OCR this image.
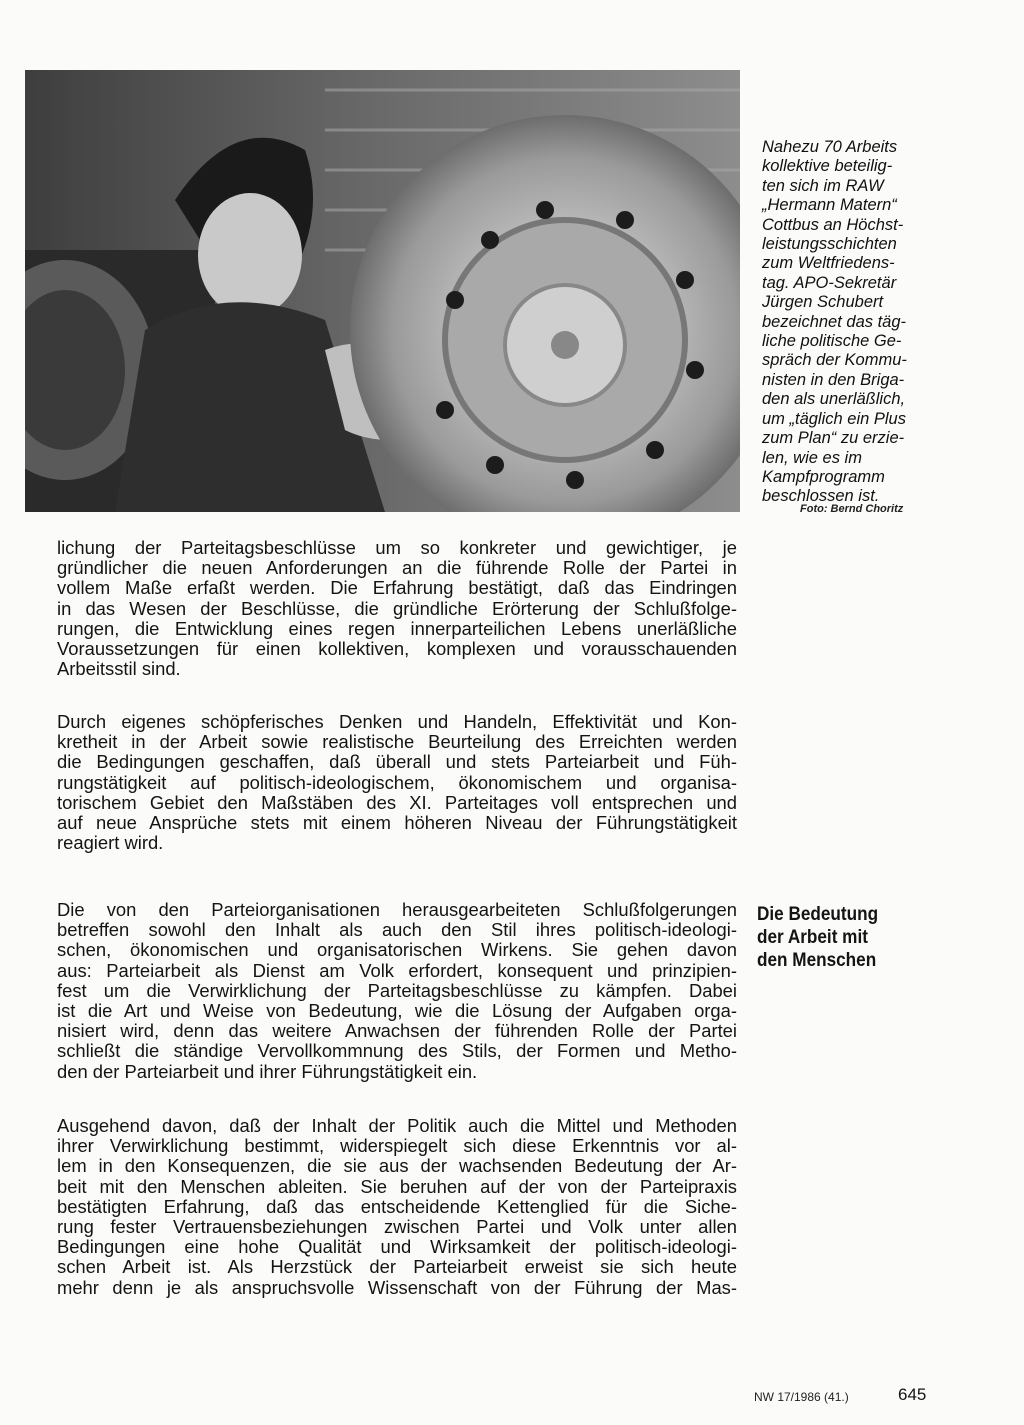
Nahezu 70 Arbeits

kollektive beteilig-

ten sich im RAW

„Hermann Matern“

Cottbus an Höchst-

leistungsschichten

zum Weltfriedens-

tag. APO-Sekretär

Jürgen Schubert

bezeichnet das täg-

liche politische Ge-

spräch der Kommu-

nisten in den Briga-

den als unerläßlich,

um „täglich ein Plus

zum Plan“ zu erzie-

len, wie es im

Kampfprogramm

beschlossen ist.

Foto: Bernd Choritz
lichung der Parteitagsbeschlüsse um so konkreter und gewichtiger, je
gründlicher die neuen Anforderungen an die führende Rolle der Partei in
vollem Maße erfaßt werden. Die Erfahrung bestätigt, daß das Eindringen
in das Wesen der Beschlüsse, die gründliche Erörterung der Schlußfolge-
rungen, die Entwicklung eines regen innerparteilichen Lebens unerläßliche
Voraussetzungen für einen kollektiven, komplexen und vorausschauenden
Arbeitsstil sind.
Durch eigenes schöpferisches Denken und Handeln, Effektivität und Kon-
kretheit in der Arbeit sowie realistische Beurteilung des Erreichten werden
die Bedingungen geschaffen, daß überall und stets Parteiarbeit und Füh-
rungstätigkeit auf politisch-ideologischem, ökonomischem und organisa-
torischem Gebiet den Maßstäben des XI. Parteitages voll entsprechen und
auf neue Ansprüche stets mit einem höheren Niveau der Führungstätigkeit
reagiert wird.
Die von den Parteiorganisationen herausgearbeiteten Schlußfolgerungen
betreffen sowohl den Inhalt als auch den Stil ihres politisch-ideologi-
schen, ökonomischen und organisatorischen Wirkens. Sie gehen davon
aus: Parteiarbeit als Dienst am Volk erfordert, konsequent und prinzipien-
fest um die Verwirklichung der Parteitagsbeschlüsse zu kämpfen. Dabei
ist die Art und Weise von Bedeutung, wie die Lösung der Aufgaben orga-
nisiert wird, denn das weitere Anwachsen der führenden Rolle der Partei
schließt die ständige Vervollkommnung des Stils, der Formen und Metho-
den der Parteiarbeit und ihrer Führungstätigkeit ein.
Ausgehend davon, daß der Inhalt der Politik auch die Mittel und Methoden
ihrer Verwirklichung bestimmt, widerspiegelt sich diese Erkenntnis vor al-
lem in den Konsequenzen, die sie aus der wachsenden Bedeutung der Ar-
beit mit den Menschen ableiten. Sie beruhen auf der von der Parteipraxis
bestätigten Erfahrung, daß das entscheidende Kettenglied für die Siche-
rung fester Vertrauensbeziehungen zwischen Partei und Volk unter allen
Bedingungen eine hohe Qualität und Wirksamkeit der politisch-ideologi-
schen Arbeit ist. Als Herzstück der Parteiarbeit erweist sie sich heute
mehr denn je als anspruchsvolle Wissenschaft von der Führung der Mas-
Die Bedeutung
der Arbeit mit
den Menschen
NW 17/1986 (41.)	645
